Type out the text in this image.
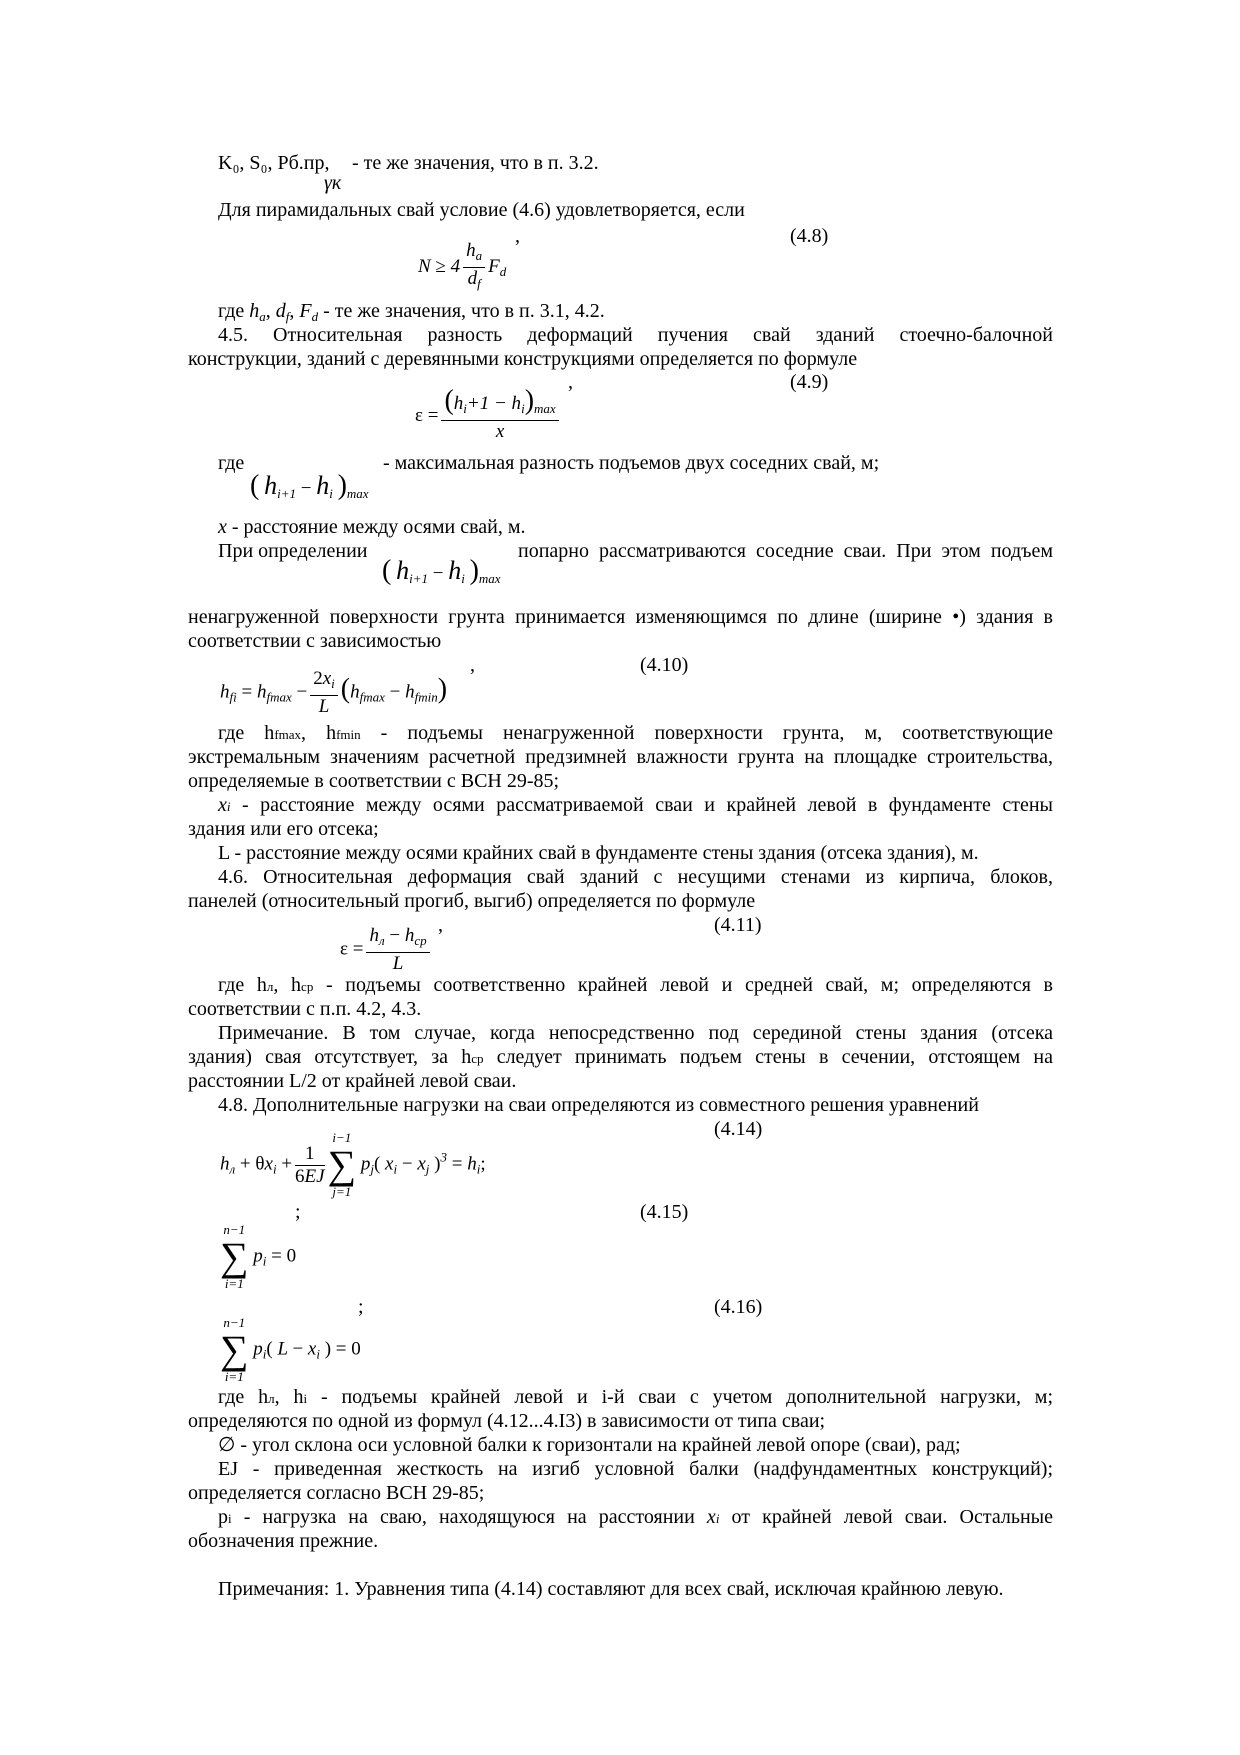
K₀, S₀, Pб.пр,
γк
- те же значения, что в п. 3.2.
Для пирамидальных свай условие (4.6) удовлетворяется, если
,	(4.8)
$N \ge 4 \frac{h_a}{d_f} F_d$
где $h_a$, $d_f$, $F_d$ - те же значения, что в п. 3.1, 4.2.
4.5. Относительная разность деформаций пучения свай зданий стоечно-балочной
конструкции, зданий с деревянными конструкциями определяется по формуле
,	(4.9)
$\varepsilon = (h_i+1 - h_i)_{max}$
x
где	- максимальная разность подъемов двух соседних свай, м;
( $h_{i+1} - h_i$ )$_{max}$
x - расстояние между осями свай, м.
При определении	попарно рассматриваются соседние сваи. При этом подъем
( $h_{i+1} - h_i$ )$_{max}$
ненагруженной поверхности грунта принимается изменяющимся по длине (ширине •) здания в
соответствии с зависимостью
,	(4.10)
$h_{fi} = h_{fmax} - \frac{2x_i}{L} (h_{fmax} - h_{fmin})$
где hfmax, hfmin - подъемы ненагруженной поверхности грунта, м, соответствующие
экстремальным значениям расчетной предзимней влажности грунта на площадке строительства,
определяемые в соответствии с ВСН 29-85;
xi - расстояние между осями рассматриваемой сваи и крайней левой в фундаменте стены
здания или его отсека;
L - расстояние между осями крайних свай в фундаменте стены здания (отсека здания), м.
4.6. Относительная деформация свай зданий с несущими стенами из кирпича, блоков,
панелей (относительный прогиб, выгиб) определяется по формуле
,	(4.11)
ε =
$h_л - h_{ср}$
L
где hл, hср - подъемы соответственно крайней левой и средней свай, м; определяются в
соответствии с п.п. 4.2, 4.3.
Примечание. В том случае, когда непосредственно под серединой стены здания (отсека
здания) свая отсутствует, за hср следует принимать подъем стены в сечении, отстоящем на
расстоянии L/2 от крайней левой сваи.
4.8. Дополнительные нагрузки на сваи определяются из совместного решения уравнений
(4.14)
$h_л + \theta x_i + \frac{1}{6EJ}$
i−1
∑
j=1 $p_j$( $x_i - x_j$ )$^3 = h_i$;
;	(4.15)
n−1
∑
i=1 $p_i = 0$
;	(4.16)
n−1
∑
i=1 $p_i$( $L - x_i$ ) = 0
где hл, hi - подъемы крайней левой и i-й сваи с учетом дополнительной нагрузки, м;
определяются по одной из формул (4.12...4.I3) в зависимости от типа сваи;
∅ - угол склона оси условной балки к горизонтали на крайней левой опоре (сваи), рад;
EJ - приведенная жесткость на изгиб условной балки (надфундаментных конструкций);
определяется согласно ВСН 29-85;
pi - нагрузка на сваю, находящуюся на расстоянии xi от крайней левой сваи. Остальные
обозначения прежние.
Примечания: 1. Уравнения типа (4.14) составляют для всех свай, исключая крайнюю левую.
